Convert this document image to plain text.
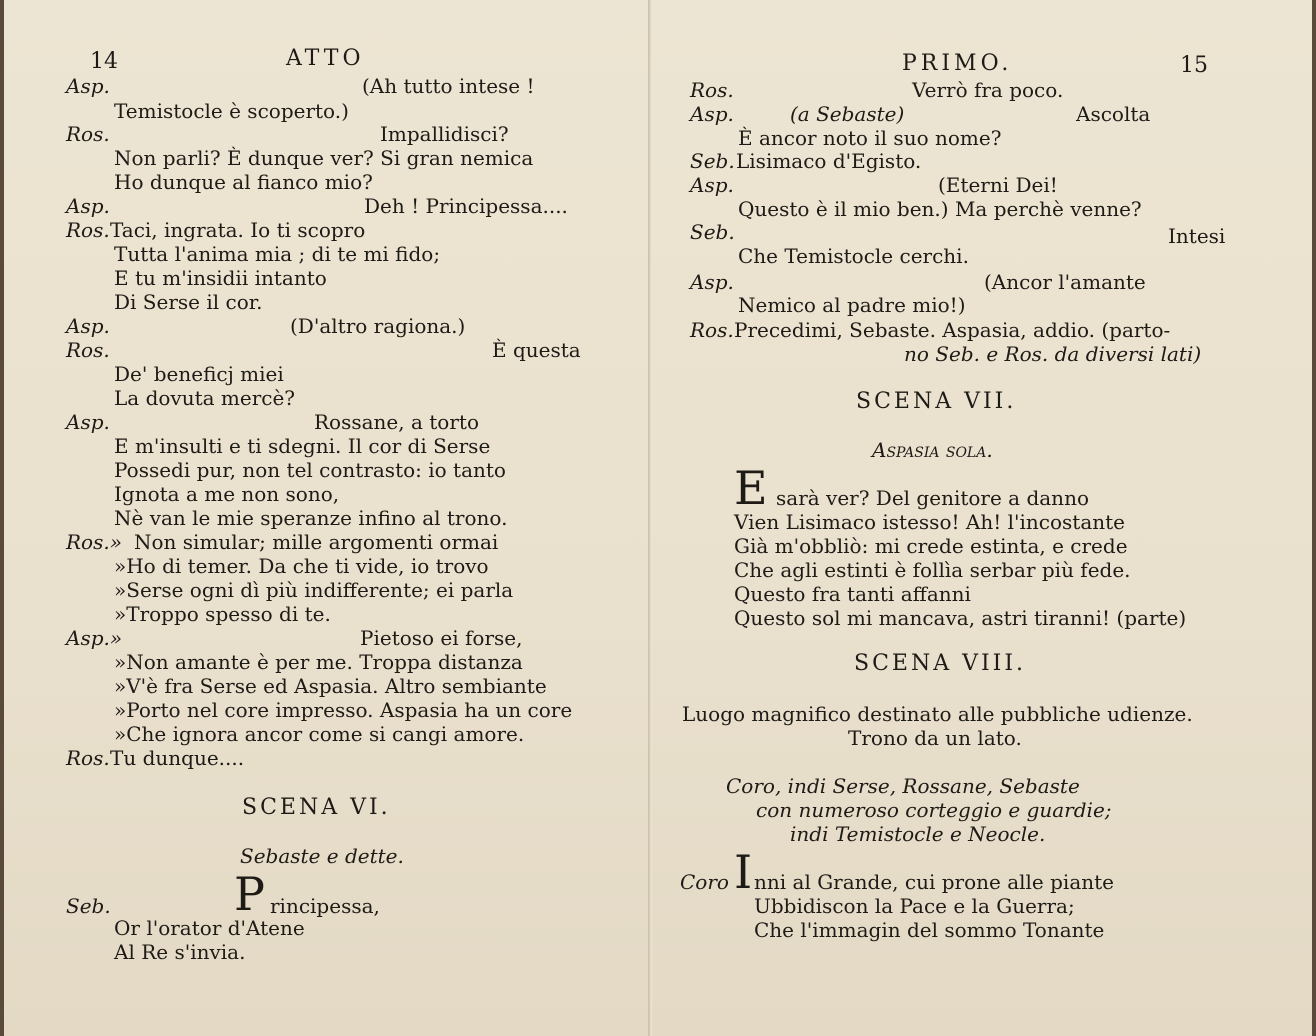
14	ATTO
Asp.	(Ah tutto intese !
Temistocle è scoperto.)
Ros.	Impallidisci?
Non parli? È dunque ver? Si gran nemica
Ho dunque al fianco mio?
Asp.	Deh ! Principessa....
Ros. Taci, ingrata. Io ti scopro
Tutta l'anima mia ; di te mi fido;
E tu m'insidii intanto
Di Serse il cor.
Asp.	(D'altro ragiona.)
Ros.	È questa
De' beneficj miei
La dovuta mercè?
Asp.	Rossane, a torto
E m'insulti e ti sdegni. Il cor di Serse
Possedi pur, non tel contrasto: io tanto
Ignota a me non sono,
Nè van le mie speranze infino al trono.
Ros.» Non simular; mille argomenti ormai
»Ho di temer. Da che ti vide, io trovo
»Serse ogni dì più indifferente; ei parla
»Troppo spesso di te.
Asp.»	Pietoso ei forse,
»Non amante è per me. Troppa distanza
»V'è fra Serse ed Aspasia. Altro sembiante
»Porto nel core impresso. Aspasia ha un core
»Che ignora ancor come si cangi amore.
Ros. Tu dunque....
SCENA VI.
Sebaste e dette.
Seb.	P rincipessa,
Or l'orator d'Atene
Al Re s'invia.
PRIMO.	15
Ros.	Verrò fra poco.
Asp.	(a Sebaste)	Ascolta
È ancor noto il suo nome?
Seb. Lisimaco d'Egisto.
Asp.	(Eterni Dei!
Questo è il mio ben.) Ma perchè venne?
Seb.	Intesi
Che Temistocle cerchi.
Asp.	(Ancor l'amante
Nemico al padre mio!)
Ros. Precedimi, Sebaste. Aspasia, addio. (parto-
no Seb. e Ros. da diversi lati)
SCENA VII.
Aspasia sola.
E sarà ver? Del genitore a danno
Vien Lisimaco istesso! Ah! l'incostante
Già m'obbliò: mi crede estinta, e crede
Che agli estinti è follìa serbar più fede.
Questo fra tanti affanni
Questo sol mi mancava, astri tiranni! (parte)
SCENA VIII.
Luogo magnifico destinato alle pubbliche udienze.
Trono da un lato.
Coro, indi Serse, Rossane, Sebaste
con numeroso corteggio e guardie;
indi Temistocle e Neocle.
Coro I nni al Grande, cui prone alle piante
Ubbidiscon la Pace e la Guerra;
Che l'immagin del sommo Tonante
